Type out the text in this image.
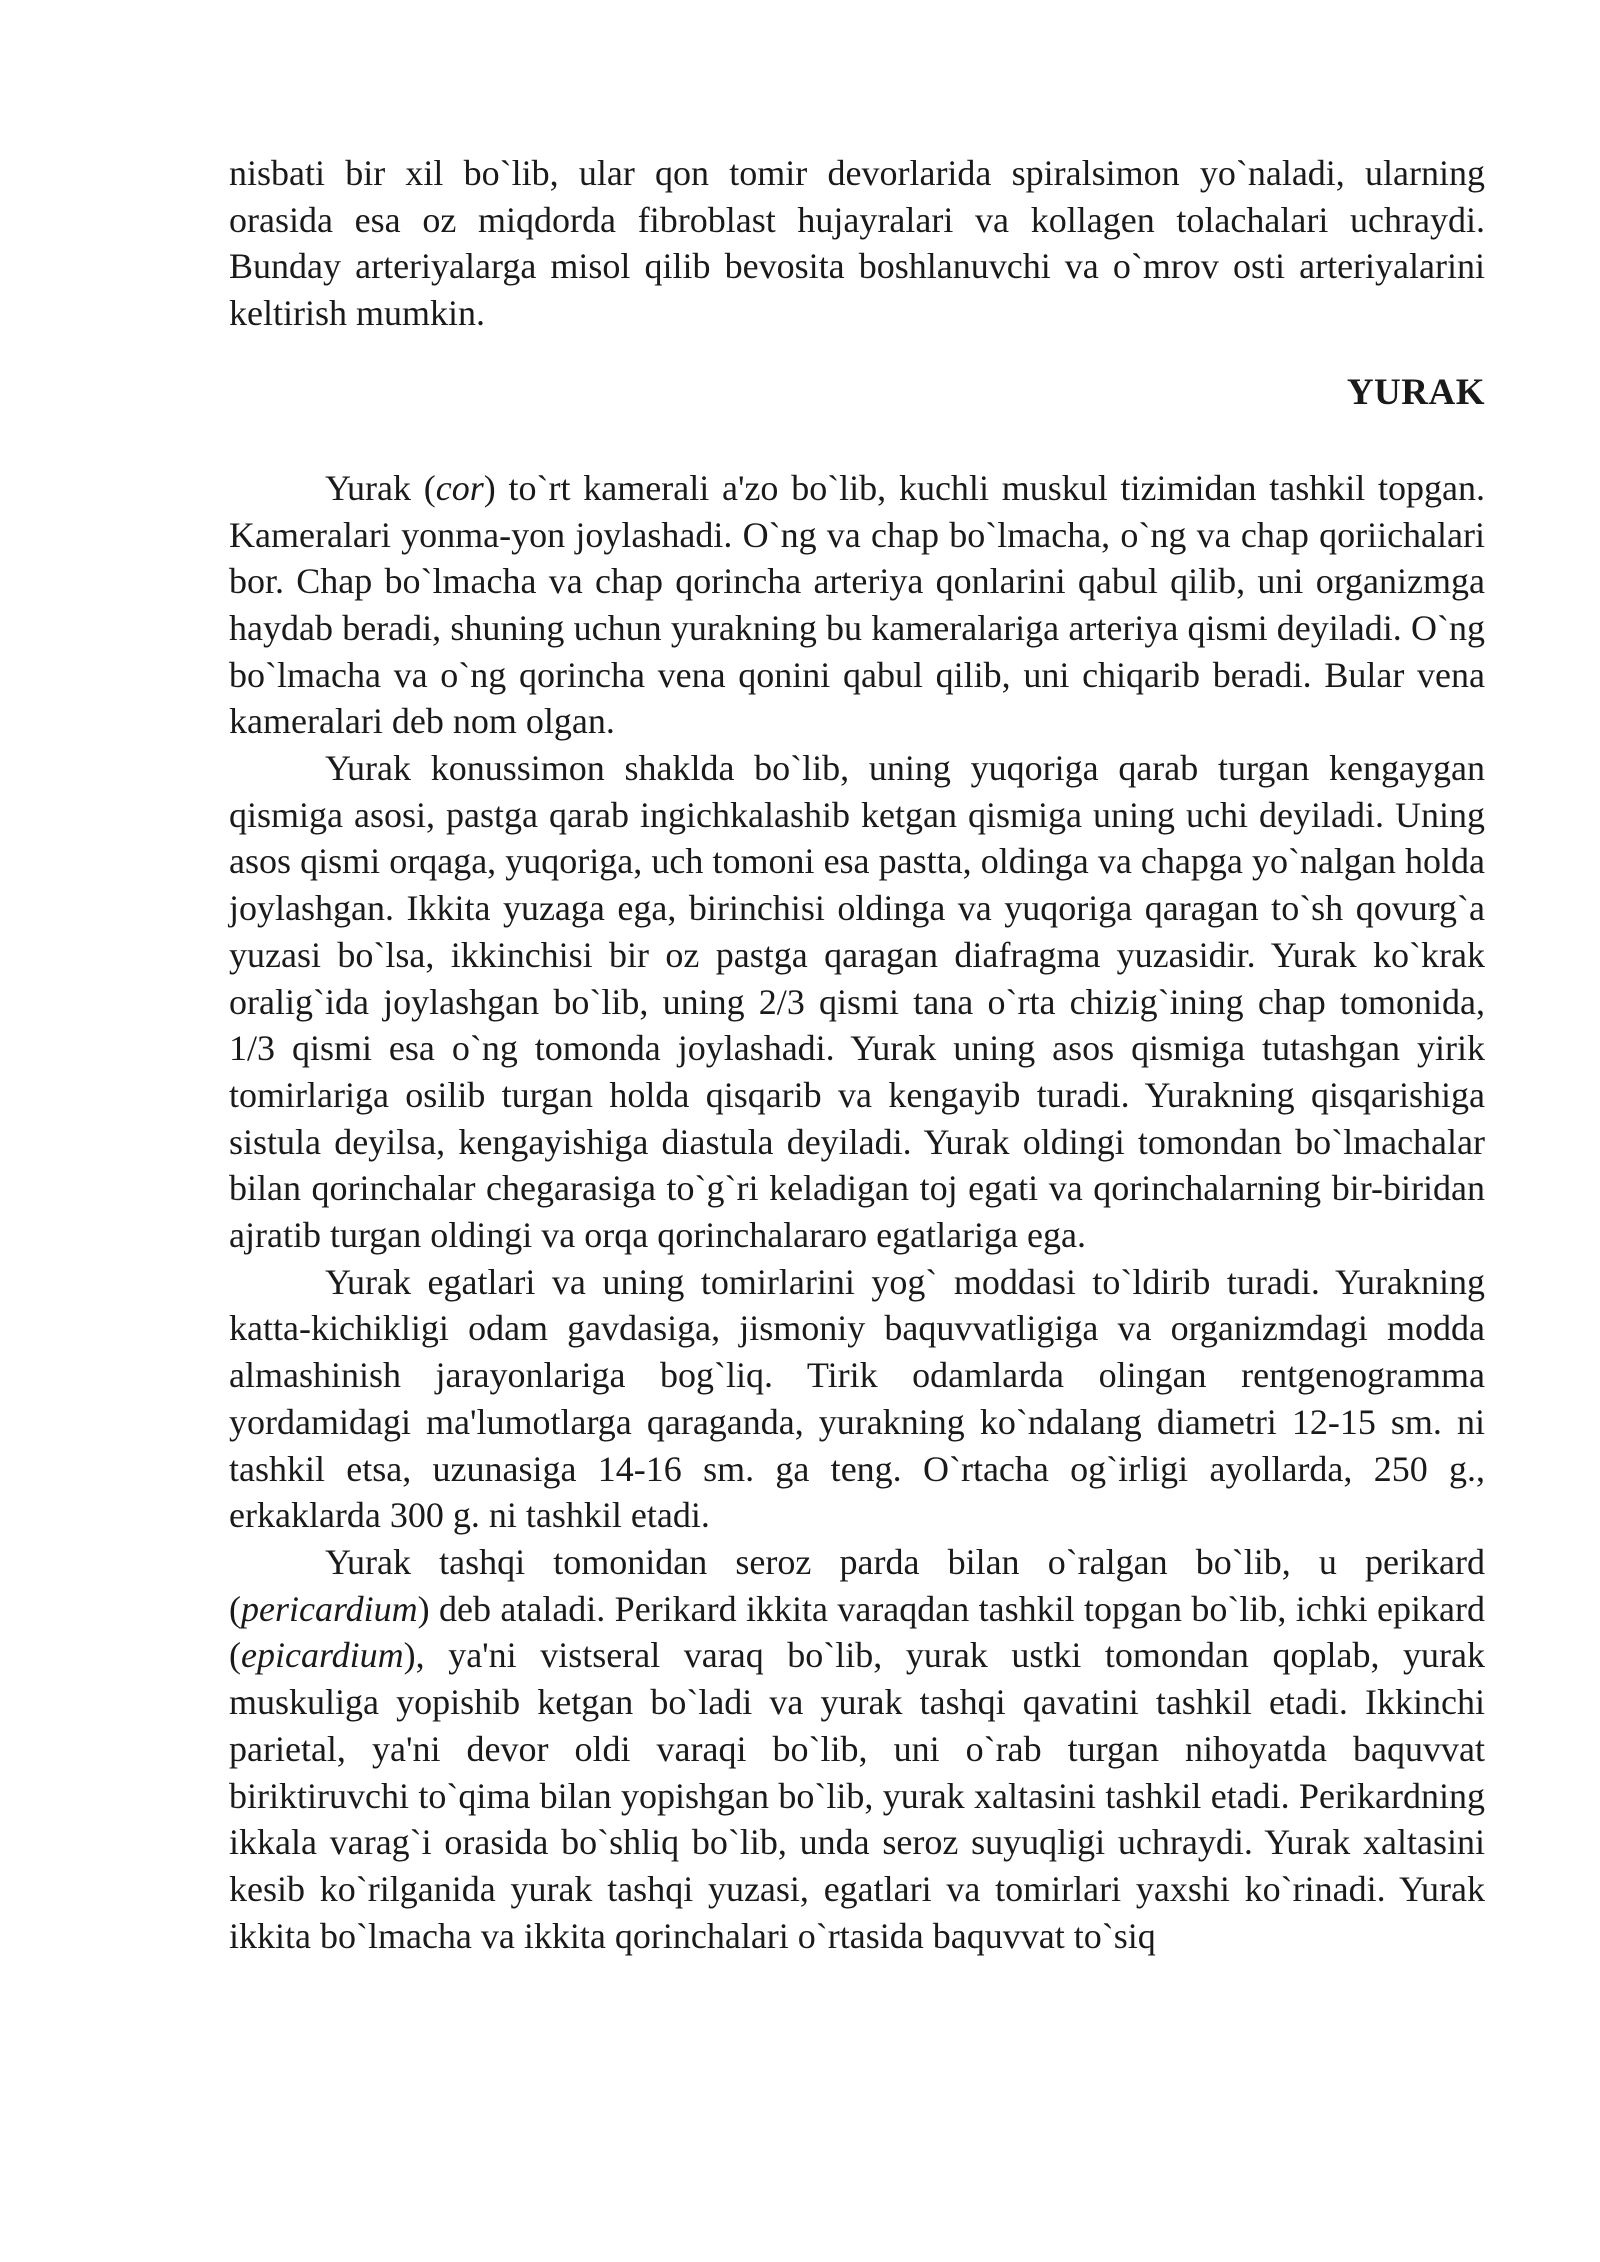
nisbati bir xil bo`lib, ular qon tomir devorlarida spiralsimon yo`naladi, ularning orasida esa oz miqdorda fibroblast hujayralari va kollagen tolachalari uchraydi. Bunday arteriyalarga misol qilib bevosita boshlanuvchi va o`mrov osti arteriyalarini keltirish mumkin.

YURAK

Yurak (cor) to`rt kamerali a'zo bo`lib, kuchli muskul tizimidan tashkil topgan. Kameralari yonma-yon joylashadi. O`ng va chap bo`lmacha, o`ng va chap qoriichalari bor. Chap bo`lmacha va chap qorincha arteriya qonlarini qabul qilib, uni organizmga haydab beradi, shuning uchun yurakning bu kameralariga arteriya qismi deyiladi. O`ng bo`lmacha va o`ng qorincha vena qonini qabul qilib, uni chiqarib beradi. Bular vena kameralari deb nom olgan.

Yurak konussimon shaklda bo`lib, uning yuqoriga qarab turgan kengaygan qismiga asosi, pastga qarab ingichkalashib ketgan qismiga uning uchi deyiladi. Uning asos qismi orqaga, yuqoriga, uch tomoni esa pastta, oldinga va chapga yo`nalgan holda joylashgan. Ikkita yuzaga ega, birinchisi oldinga va yuqoriga qaragan to`sh qovurg`a yuzasi bo`lsa, ikkinchisi bir oz pastga qaragan diafragma yuzasidir. Yurak ko`krak oralig`ida joylashgan bo`lib, uning 2/3 qismi tana o`rta chizig`ining chap tomonida, 1/3 qismi esa o`ng tomonda joylashadi. Yurak uning asos qismiga tutashgan yirik tomirlariga osilib turgan holda qisqarib va kengayib turadi. Yurakning qisqarishiga sistula deyilsa, kengayishiga diastula deyiladi. Yurak oldingi tomondan bo`lmachalar bilan qorinchalar chegarasiga to`g`ri keladigan toj egati va qorinchalarning bir-biridan ajratib turgan oldingi va orqa qorinchalararo egatlariga ega.

Yurak egatlari va uning tomirlarini yog` moddasi to`ldirib turadi. Yurakning katta-kichikligi odam gavdasiga, jismoniy baquvvatligiga va organizmdagi modda almashinish jarayonlariga bog`liq. Tirik odamlarda olingan rentgenogramma yordamidagi ma'lumotlarga qaraganda, yurakning ko`ndalang diametri 12-15 sm. ni tashkil etsa, uzunasiga 14-16 sm. ga teng. O`rtacha og`irligi ayollarda, 250 g., erkaklarda 300 g. ni tashkil etadi.

Yurak tashqi tomonidan seroz parda bilan o`ralgan bo`lib, u perikard (pericardium) deb ataladi. Perikard ikkita varaqdan tashkil topgan bo`lib, ichki epikard (epicardium), ya'ni vistseral varaq bo`lib, yurak ustki tomondan qoplab, yurak muskuliga yopishib ketgan bo`ladi va yurak tashqi qavatini tashkil etadi. Ikkinchi parietal, ya'ni devor oldi varaqi bo`lib, uni o`rab turgan nihoyatda baquvvat biriktiruvchi to`qima bilan yopishgan bo`lib, yurak xaltasini tashkil etadi. Perikardning ikkala varag`i orasida bo`shliq bo`lib, unda seroz suyuqligi uchraydi. Yurak xaltasini kesib ko`rilganida yurak tashqi yuzasi, egatlari va tomirlari yaxshi ko`rinadi. Yurak ikkita bo`lmacha va ikkita qorinchalari o`rtasida baquvvat to`siq
